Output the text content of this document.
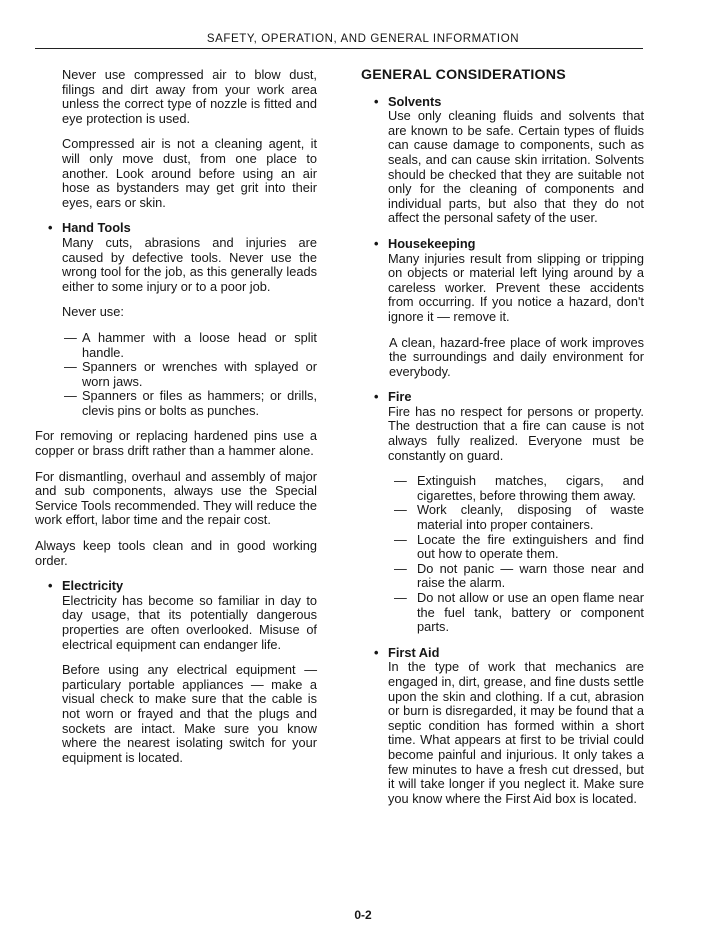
SAFETY, OPERATION, AND GENERAL INFORMATION

Never use compressed air to blow dust, filings and dirt away from your work area unless the correct type of nozzle is fitted and eye protection is used.

Compressed air is not a cleaning agent, it will only move dust, from one place to another. Look around before using an air hose as bystanders may get grit into their eyes, ears or skin.

• Hand Tools

Many cuts, abrasions and injuries are caused by defective tools. Never use the wrong tool for the job, as this generally leads either to some injury or to a poor job.

Never use:

— A hammer with a loose head or split handle.
— Spanners or wrenches with splayed or worn jaws.
— Spanners or files as hammers; or drills, clevis pins or bolts as punches.

For removing or replacing hardened pins use a copper or brass drift rather than a hammer alone.

For dismantling, overhaul and assembly of major and sub components, always use the Special Service Tools recommended. They will reduce the work effort, labor time and the repair cost.

Always keep tools clean and in good working order.

• Electricity

Electricity has become so familiar in day to day usage, that its potentially dangerous properties are often overlooked. Misuse of electrical equipment can endanger life.

Before using any electrical equipment — particulary portable appliances — make a visual check to make sure that the cable is not worn or frayed and that the plugs and sockets are intact. Make sure you know where the nearest isolating switch for your equipment is located.

GENERAL CONSIDERATIONS
• Solvents

Use only cleaning fluids and solvents that are known to be safe. Certain types of fluids can cause damage to components, such as seals, and can cause skin irritation. Solvents should be checked that they are suitable not only for the cleaning of components and individual parts, but also that they do not affect the personal safety of the user.

• Housekeeping

Many injuries result from slipping or tripping on objects or material left lying around by a careless worker. Prevent these accidents from occurring. If you notice a hazard, don't ignore it — remove it.

A clean, hazard-free place of work improves the surroundings and daily environment for everybody.

• Fire

Fire has no respect for persons or property. The destruction that a fire can cause is not always fully realized. Everyone must be constantly on guard.

— Extinguish matches, cigars, and cigarettes, before throwing them away.
— Work cleanly, disposing of waste material into proper containers.
— Locate the fire extinguishers and find out how to operate them.
— Do not panic — warn those near and raise the alarm.
— Do not allow or use an open flame near the fuel tank, battery or component parts.
• First Aid

In the type of work that mechanics are engaged in, dirt, grease, and fine dusts settle upon the skin and clothing. If a cut, abrasion or burn is disregarded, it may be found that a septic condition has formed within a short time. What appears at first to be trivial could become painful and injurious. It only takes a few minutes to have a fresh cut dressed, but it will take longer if you neglect it. Make sure you know where the First Aid box is located.

0-2
